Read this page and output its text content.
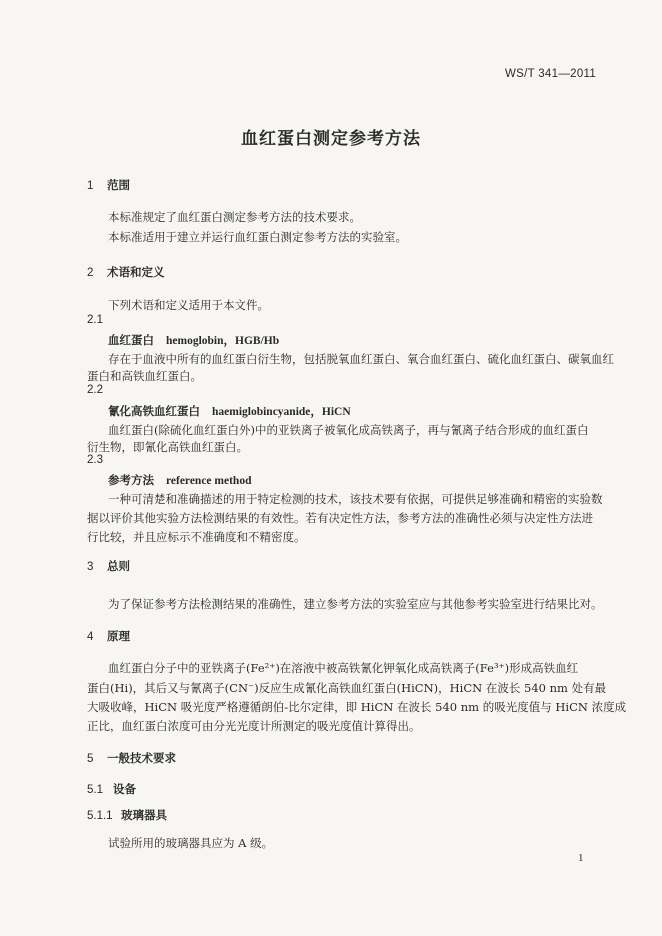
WS/T 341—2011
血红蛋白测定参考方法
1 范围
本标准规定了血红蛋白测定参考方法的技术要求。
本标准适用于建立并运行血红蛋白测定参考方法的实验室。
2 术语和定义
下列术语和定义适用于本文件。
2.1
血红蛋白 hemoglobin，HGB/Hb
存在于血液中所有的血红蛋白衍生物，包括脱氧血红蛋白、氧合血红蛋白、硫化血红蛋白、碳氧血红
蛋白和高铁血红蛋白。
2.2
氰化高铁血红蛋白 haemiglobincyanide，HiCN
血红蛋白(除硫化血红蛋白外)中的亚铁离子被氧化成高铁离子，再与氰离子结合形成的血红蛋白
衍生物，即氰化高铁血红蛋白。
2.3
参考方法 reference method
一种可清楚和准确描述的用于特定检测的技术，该技术要有依据，可提供足够准确和精密的实验数
据以评价其他实验方法检测结果的有效性。若有决定性方法，参考方法的准确性必须与决定性方法进
行比较，并且应标示不准确度和不精密度。
3 总则
为了保证参考方法检测结果的准确性，建立参考方法的实验室应与其他参考实验室进行结果比对。
4 原理
血红蛋白分子中的亚铁离子(Fe²⁺)在溶液中被高铁氰化钾氧化成高铁离子(Fe³⁺)形成高铁血红
蛋白(Hi)，其后又与氰离子(CN⁻)反应生成氰化高铁血红蛋白(HiCN)，HiCN 在波长 540 nm 处有最
大吸收峰，HiCN 吸光度严格遵循朗伯-比尔定律，即 HiCN 在波长 540 nm 的吸光度值与 HiCN 浓度成
正比，血红蛋白浓度可由分光光度计所测定的吸光度值计算得出。
5 一般技术要求
5.1 设备
5.1.1 玻璃器具
试验所用的玻璃器具应为 A 级。
1
